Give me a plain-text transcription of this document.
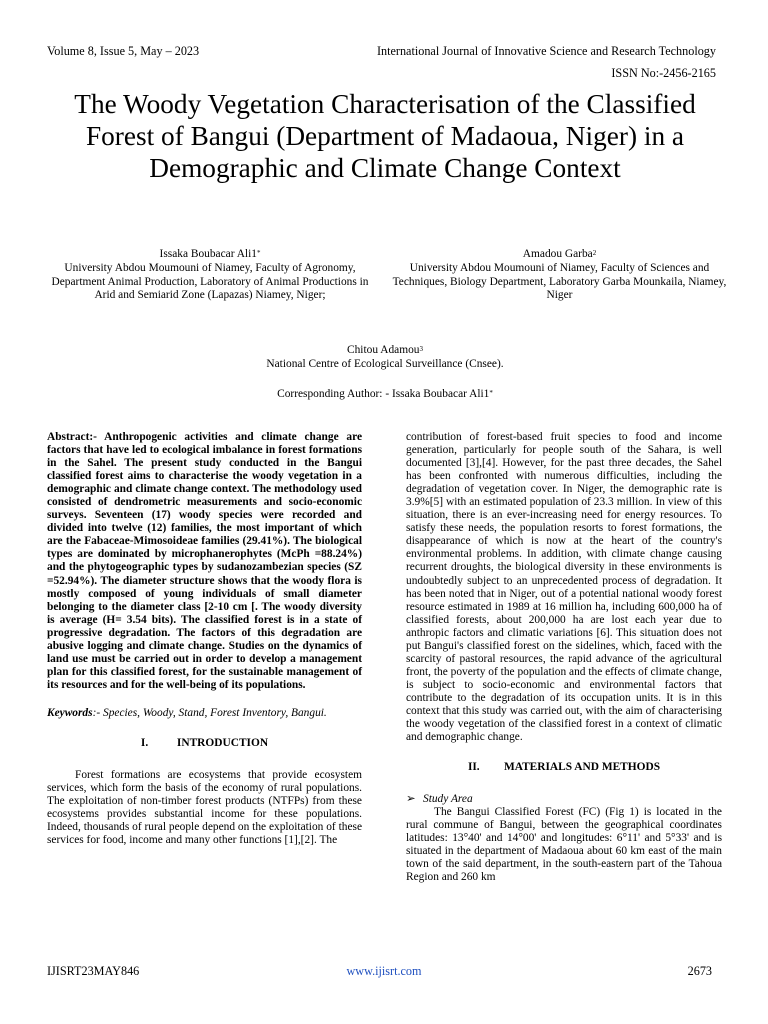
Volume 8, Issue 5, May – 2023	International Journal of Innovative Science and Research Technology
ISSN No:-2456-2165
The Woody Vegetation Characterisation of the Classified Forest of Bangui (Department of Madaoua, Niger) in a Demographic and Climate Change Context
Issaka Boubacar Ali1*
University Abdou Moumouni of Niamey, Faculty of Agronomy, Department Animal Production, Laboratory of Animal Productions in Arid and Semiarid Zone (Lapazas) Niamey, Niger;
Amadou Garba$^2$
University Abdou Moumouni of Niamey, Faculty of Sciences and Techniques, Biology Department, Laboratory Garba Mounkaila, Niamey, Niger
Chitou Adamou$^3$
National Centre of Ecological Surveillance (Cnsee).
Corresponding Author: - Issaka Boubacar Ali1*

Abstract:- Anthropogenic activities and climate change are factors that have led to ecological imbalance in forest formations in the Sahel. The present study conducted in the Bangui classified forest aims to characterise the woody vegetation in a demographic and climate change context. The methodology used consisted of dendrometric measurements and socio-economic surveys. Seventeen (17) woody species were recorded and divided into twelve (12) families, the most important of which are the Fabaceae-Mimosoideae families (29.41%). The biological types are dominated by microphanerophytes (McPh =88.24%) and the phytogeographic types by sudanozambezian species (SZ =52.94%). The diameter structure shows that the woody flora is mostly composed of young individuals of small diameter belonging to the diameter class [2-10 cm [. The woody diversity is average (H= 3.54 bits). The classified forest is in a state of progressive degradation. The factors of this degradation are abusive logging and climate change. Studies on the dynamics of land use must be carried out in order to develop a management plan for this classified forest, for the sustainable management of its resources and for the well-being of its populations.

Keywords:- Species, Woody, Stand, Forest Inventory, Bangui.

I.	INTRODUCTION

Forest formations are ecosystems that provide ecosystem services, which form the basis of the economy of rural populations. The exploitation of non-timber forest products (NTFPs) from these ecosystems provides substantial income for these populations. Indeed, thousands of rural people depend on the exploitation of these services for food, income and many other functions [1],[2]. The

contribution of forest-based fruit species to food and income generation, particularly for people south of the Sahara, is well documented [3],[4]. However, for the past three decades, the Sahel has been confronted with numerous difficulties, including the degradation of vegetation cover. In Niger, the demographic rate is 3.9%[5] with an estimated population of 23.3 million. In view of this situation, there is an ever-increasing need for energy resources. To satisfy these needs, the population resorts to forest formations, the disappearance of which is now at the heart of the country's environmental problems. In addition, with climate change causing recurrent droughts, the biological diversity in these environments is undoubtedly subject to an unprecedented process of degradation. It has been noted that in Niger, out of a potential national woody forest resource estimated in 1989 at 16 million ha, including 600,000 ha of classified forests, about 200,000 ha are lost each year due to anthropic factors and climatic variations [6]. This situation does not put Bangui's classified forest on the sidelines, which, faced with the scarcity of pastoral resources, the rapid advance of the agricultural front, the poverty of the population and the effects of climate change, is subject to socio-economic and environmental factors that contribute to the degradation of its occupation units. It is in this context that this study was carried out, with the aim of characterising the woody vegetation of the classified forest in a context of climatic and demographic change.

II. MATERIALS AND METHODS

➢ Study Area

The Bangui Classified Forest (FC) (Fig 1) is located in the rural commune of Bangui, between the geographical coordinates latitudes: 13°40' and 14°00' and longitudes: 6°11' and 5°33' and is situated in the department of Madaoua about 60 km east of the main town of the said department, in the south-eastern part of the Tahoua Region and 260 km

IJISRT23MAY846	www.ijisrt.com	2673
